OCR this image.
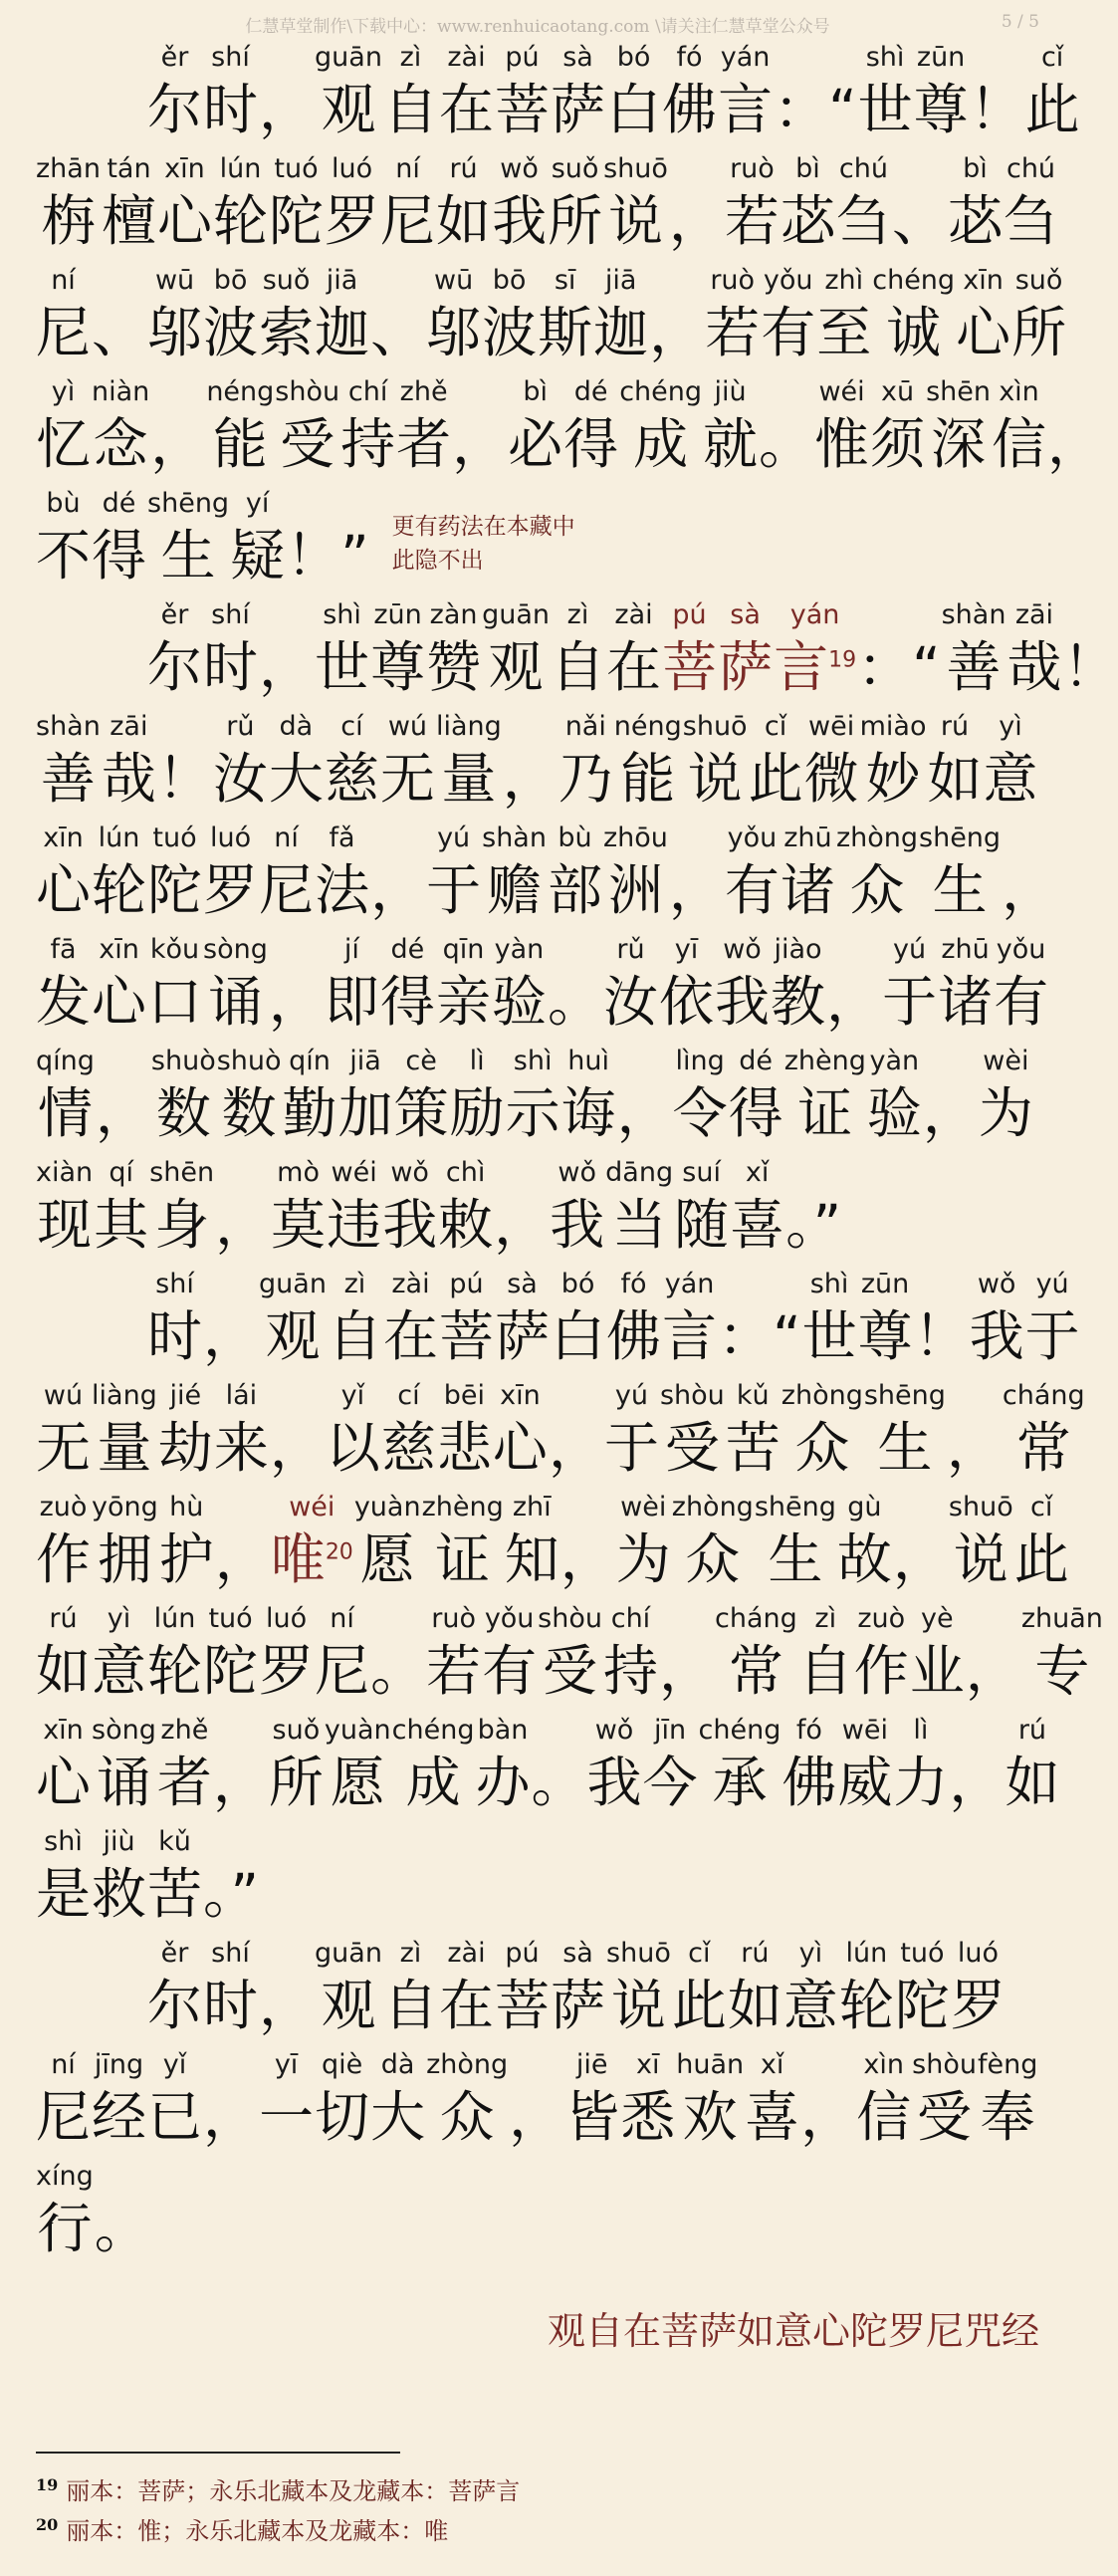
仁慧草堂制作\下载中心：www.renhuicaotang.com \请关注仁慧草堂公众号	5 / 5
ěr
尔
shí
时
，
guān
观
zì
自
zài
在
pú
菩
sà
萨
bó
白
fó
佛
yán
言
：“
shì
世
zūn
尊
！
cǐ
此
zhān
栴
tán
檀
xīn
心
lún
轮
tuó
陀
luó
罗
ní
尼
rú
如
wǒ
我
suǒ
所
shuō
说
，
ruò
若
bì
苾
chú
刍
、
bì
苾
chú
刍
ní
尼
、
wū
邬
bō
波
suǒ
索
jiā
迦
、
wū
邬
bō
波
sī
斯
jiā
迦
，
ruò
若
yǒu
有
zhì
至
chéng
诚
xīn
心
suǒ
所
yì
忆
niàn
念
，
néng
能
shòu
受
chí
持
zhě
者
，
bì
必
dé
得
chéng
成
jiù
就
。
wéi
惟
xū
须
shēn
深
xìn
信
，
bù
不
dé
得
shēng
生
yí
疑
！” 更有药法在本藏中此隐不出
ěr
尔
shí
时
，
shì
世
zūn
尊
zàn
赞
guān
观
zì
自
zài
在
pú
菩
sà
萨
yán
言$^{19}$
：“
shàn
善
zāi
哉
！
shàn
善
zāi
哉
！
rǔ
汝
dà
大
cí
慈
wú
无
liàng
量
，
nǎi
乃
néng
能
shuō
说
cǐ
此
wēi
微
miào
妙
rú
如
yì
意
xīn
心
lún
轮
tuó
陀
luó
罗
ní
尼
fǎ
法
，
yú
于
shàn
赡
bù
部
zhōu
洲
，
yǒu
有
zhū
诸
zhòng
众
shēng
生
，
fā
发
xīn
心
kǒu
口
sòng
诵
，
jí
即
dé
得
qīn
亲
yàn
验
。
rǔ
汝
yī
依
wǒ
我
jiào
教
，
yú
于
zhū
诸
yǒu
有
qíng
情
，
shuò
数
shuò
数
qín
勤
jiā
加
cè
策
lì
励
shì
示
huì
诲
，
lìng
令
dé
得
zhèng
证
yàn
验
，
wèi
为
xiàn
现
qí
其
shēn
身
，
mò
莫
wéi
违
wǒ
我
chì
敕
，
wǒ
我
dāng
当
suí
随
xǐ
喜
。”
shí
时
，
guān
观
zì
自
zài
在
pú
菩
sà
萨
bó
白
fó
佛
yán
言
：“
shì
世
zūn
尊
！
wǒ
我
yú
于
wú
无
liàng
量
jié
劫
lái
来
，
yǐ
以
cí
慈
bēi
悲
xīn
心
，
yú
于
shòu
受
kǔ
苦
zhòng
众
shēng
生
，
cháng
常
zuò
作
yōng
拥
hù
护
，
wéi
唯$^{20}$
yuàn
愿
zhèng
证
zhī
知
，
wèi
为
zhòng
众
shēng
生
gù
故
，
shuō
说
cǐ
此
rú
如
yì
意
lún
轮
tuó
陀
luó
罗
ní
尼
。
ruò
若
yǒu
有
shòu
受
chí
持
，
cháng
常
zì
自
zuò
作
yè
业
，
zhuān
专
xīn
心
sòng
诵
zhě
者
，
suǒ
所
yuàn
愿
chéng
成
bàn
办
。
wǒ
我
jīn
今
chéng
承
fó
佛
wēi
威
lì
力
，
rú
如
shì
是
jiù
救
kǔ
苦
。”
ěr
尔
shí
时
，
guān
观
zì
自
zài
在
pú
菩
sà
萨
shuō
说
cǐ
此
rú
如
yì
意
lún
轮
tuó
陀
luó
罗
ní
尼
jīng
经
yǐ
已
，
yī
一
qiè
切
dà
大
zhòng
众
，
jiē
皆
xī
悉
huān
欢
xǐ
喜
，
xìn
信
shòu
受
fèng
奉
xíng
行
。
观自在菩萨如意心陀罗尼咒经
$^{19}$ 丽本：菩萨；永乐北藏本及龙藏本：菩萨言
$^{20}$ 丽本：惟；永乐北藏本及龙藏本：唯
